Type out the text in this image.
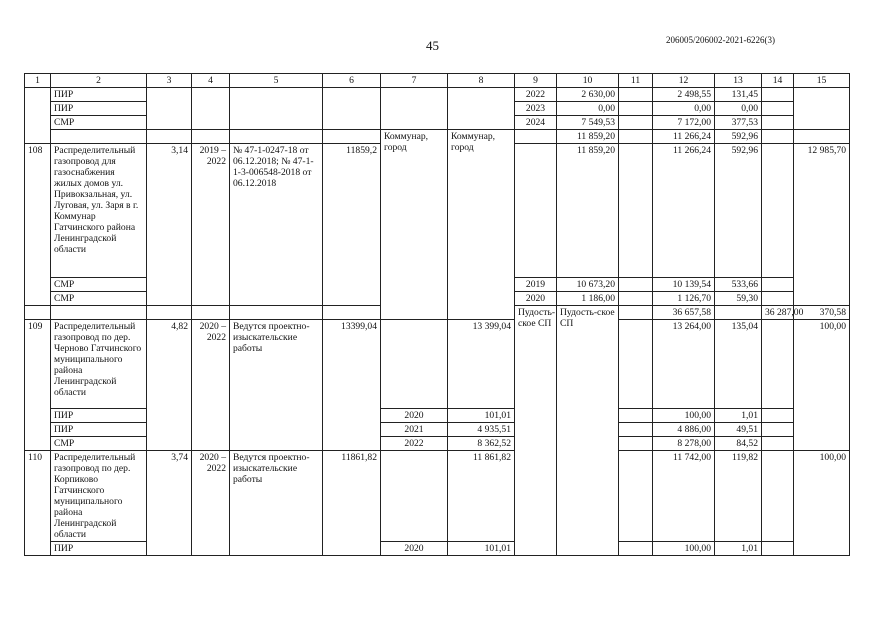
45	206005/206002-2021-6226(3)
1	2	3	4	5	6	7	8	9	10	11	12	13	14	15	
	ПИР							2022	2 630,00		2 498,55	131,45			
	ПИР							2023	0,00		0,00	0,00			
	СМР							2024	7 549,53		7 172,00	377,53			
						Коммунар, город	Коммунар, город		11 859,20		11 266,24	592,96			
108	Распределительный газопровод для газоснабжения жилых домов ул. Привокзальная, ул. Луговая, ул. Заря в г. Коммунар Гатчинского района Ленинградской области	3,14	2019 – 2022	№ 47-1-0247-18 от 06.12.2018; № 47-1-1-3-006548-2018 от 06.12.2018	11859,2				11 859,20		11 266,24	592,96		12 985,70	
	СМР							2019	10 673,20		10 139,54	533,66			
	СМР							2020	1 186,00		1 126,70	59,30			
								Пудость-ское СП	Пудость-ское СП		36 657,58		36 287,00	370,58		
109	Распределительный газопровод по дер. Черново Гатчинского муниципального района Ленинградской области	4,82	2020 – 2022	Ведутся проектно-изыскательские работы	13399,04		13 399,04				13 264,00	135,04		100,00	
	ПИР					2020	101,01				100,00	1,01			
	ПИР					2021	4 935,51				4 886,00	49,51			
	СМР					2022	8 362,52				8 278,00	84,52			
110	Распределительный газопровод по дер. Корпиково Гатчинского муниципального района Ленинградской области	3,74	2020 – 2022	Ведутся проектно-изыскательские работы	11861,82		11 861,82				11 742,00	119,82		100,00	
	ПИР					2020	101,01				100,00	1,01			
